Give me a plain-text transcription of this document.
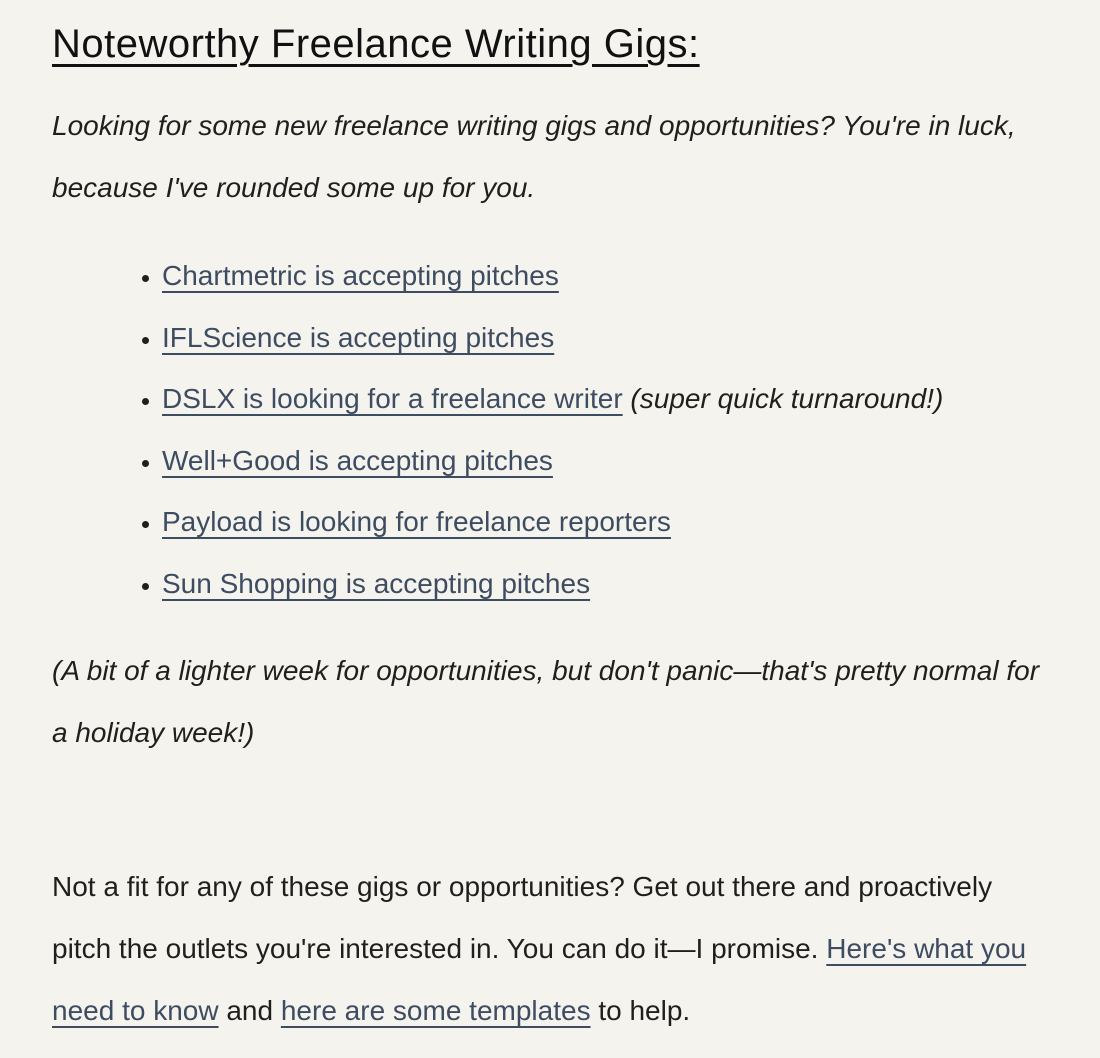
Noteworthy Freelance Writing Gigs:

Looking for some new freelance writing gigs and opportunities? You're in luck, because I've rounded some up for you.

• Chartmetric is accepting pitches
• IFLScience is accepting pitches
• DSLX is looking for a freelance writer (super quick turnaround!)
• Well+Good is accepting pitches
• Payload is looking for freelance reporters
• Sun Shopping is accepting pitches

(A bit of a lighter week for opportunities, but don't panic—that's pretty normal for a holiday week!)

Not a fit for any of these gigs or opportunities? Get out there and proactively pitch the outlets you're interested in. You can do it—I promise. Here's what you need to know and here are some templates to help.
